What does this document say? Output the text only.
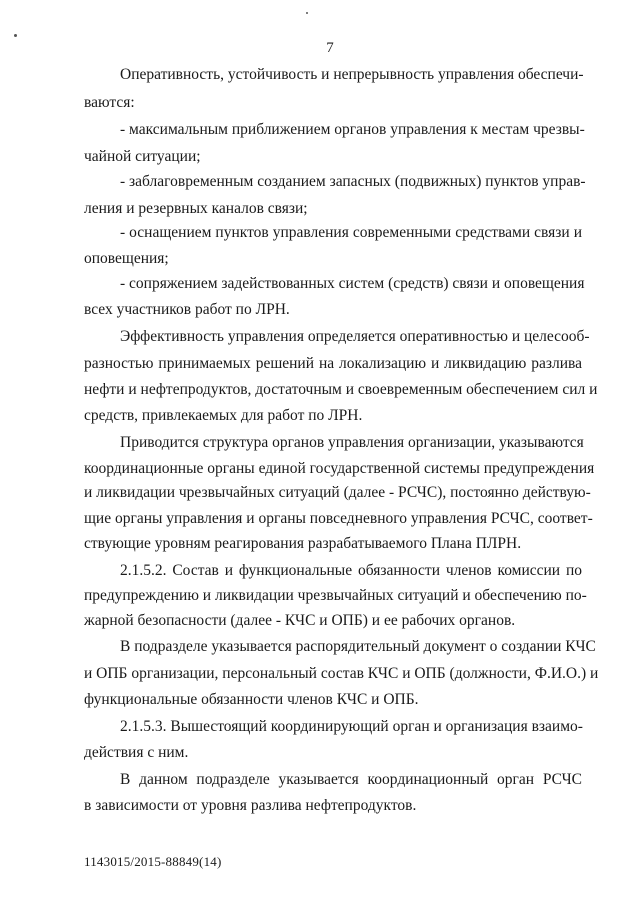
7
Оперативность, устойчивость и непрерывность управления обеспечи-
ваются:
- максимальным приближением органов управления к местам чрезвы-
чайной ситуации;
- заблаговременным созданием запасных (подвижных) пунктов управ-
ления и резервных каналов связи;
- оснащением пунктов управления современными средствами связи и
оповещения;
- сопряжением задействованных систем (средств) связи и оповещения
всех участников работ по ЛРН.
Эффективность управления определяется оперативностью и целесооб-
разностью принимаемых решений на локализацию и ликвидацию разлива
нефти и нефтепродуктов, достаточным и своевременным обеспечением сил и
средств, привлекаемых для работ по ЛРН.
Приводится структура органов управления организации, указываются
координационные органы единой государственной системы предупреждения
и ликвидации чрезвычайных ситуаций (далее - РСЧС), постоянно действую-
щие органы управления и органы повседневного управления РСЧС, соответ-
ствующие уровням реагирования разрабатываемого Плана ПЛРН.
2.1.5.2. Состав и функциональные обязанности членов комиссии по
предупреждению и ликвидации чрезвычайных ситуаций и обеспечению по-
жарной безопасности (далее - КЧС и ОПБ) и ее рабочих органов.
В подразделе указывается распорядительный документ о создании КЧС
и ОПБ организации, персональный состав КЧС и ОПБ (должности, Ф.И.О.) и
функциональные обязанности членов КЧС и ОПБ.
2.1.5.3. Вышестоящий координирующий орган и организация взаимо-
действия с ним.
В данном подразделе указывается координационный орган РСЧС
в зависимости от уровня разлива нефтепродуктов.
1143015/2015-88849(14)
